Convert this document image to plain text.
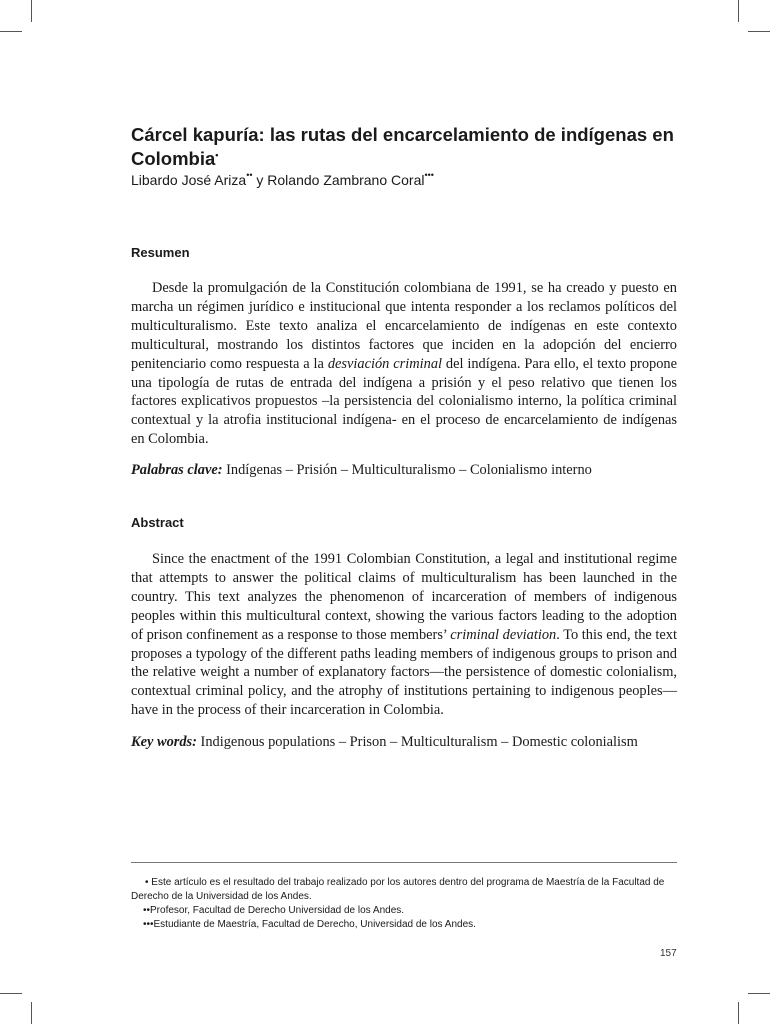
Cárcel kapuría: las rutas del encarcelamiento de indígenas en Colombia•
Libardo José Ariza•• y Rolando Zambrano Coral•••
Resumen

Desde la promulgación de la Constitución colombiana de 1991, se ha creado y puesto en marcha un régimen jurídico e institucional que intenta responder a los reclamos políticos del multiculturalismo. Este texto analiza el encarcelamiento de indígenas en este contexto multicultural, mostrando los distintos factores que inciden en la adopción del encierro penitenciario como respuesta a la desviación criminal del indígena. Para ello, el texto propone una tipología de rutas de entrada del indígena a prisión y el peso relativo que tienen los factores explicativos propuestos –la persistencia del colonialismo interno, la política criminal contextual y la atrofia institucional indígena- en el proceso de encarcelamiento de indígenas en Colombia.

Palabras clave: Indígenas – Prisión – Multiculturalismo – Colonialismo interno

Abstract

Since the enactment of the 1991 Colombian Constitution, a legal and institutional regime that attempts to answer the political claims of multiculturalism has been launched in the country. This text analyzes the phenomenon of incarceration of members of indigenous peoples within this multicultural context, showing the various factors leading to the adoption of prison confinement as a response to those members’ criminal deviation. To this end, the text proposes a typology of the different paths leading members of indigenous groups to prison and the relative weight a number of explanatory factors—the persistence of domestic colonialism, contextual criminal policy, and the atrophy of institutions pertaining to indigenous peoples—have in the process of their incarceration in Colombia.

Key words: Indigenous populations – Prison – Multiculturalism – Domestic colonialism

• Este artículo es el resultado del trabajo realizado por los autores dentro del programa de Maestría de la Facultad de Derecho de la Universidad de los Andes.
••Profesor, Facultad de Derecho Universidad de los Andes.
•••Estudiante de Maestría, Facultad de Derecho, Universidad de los Andes.
157
